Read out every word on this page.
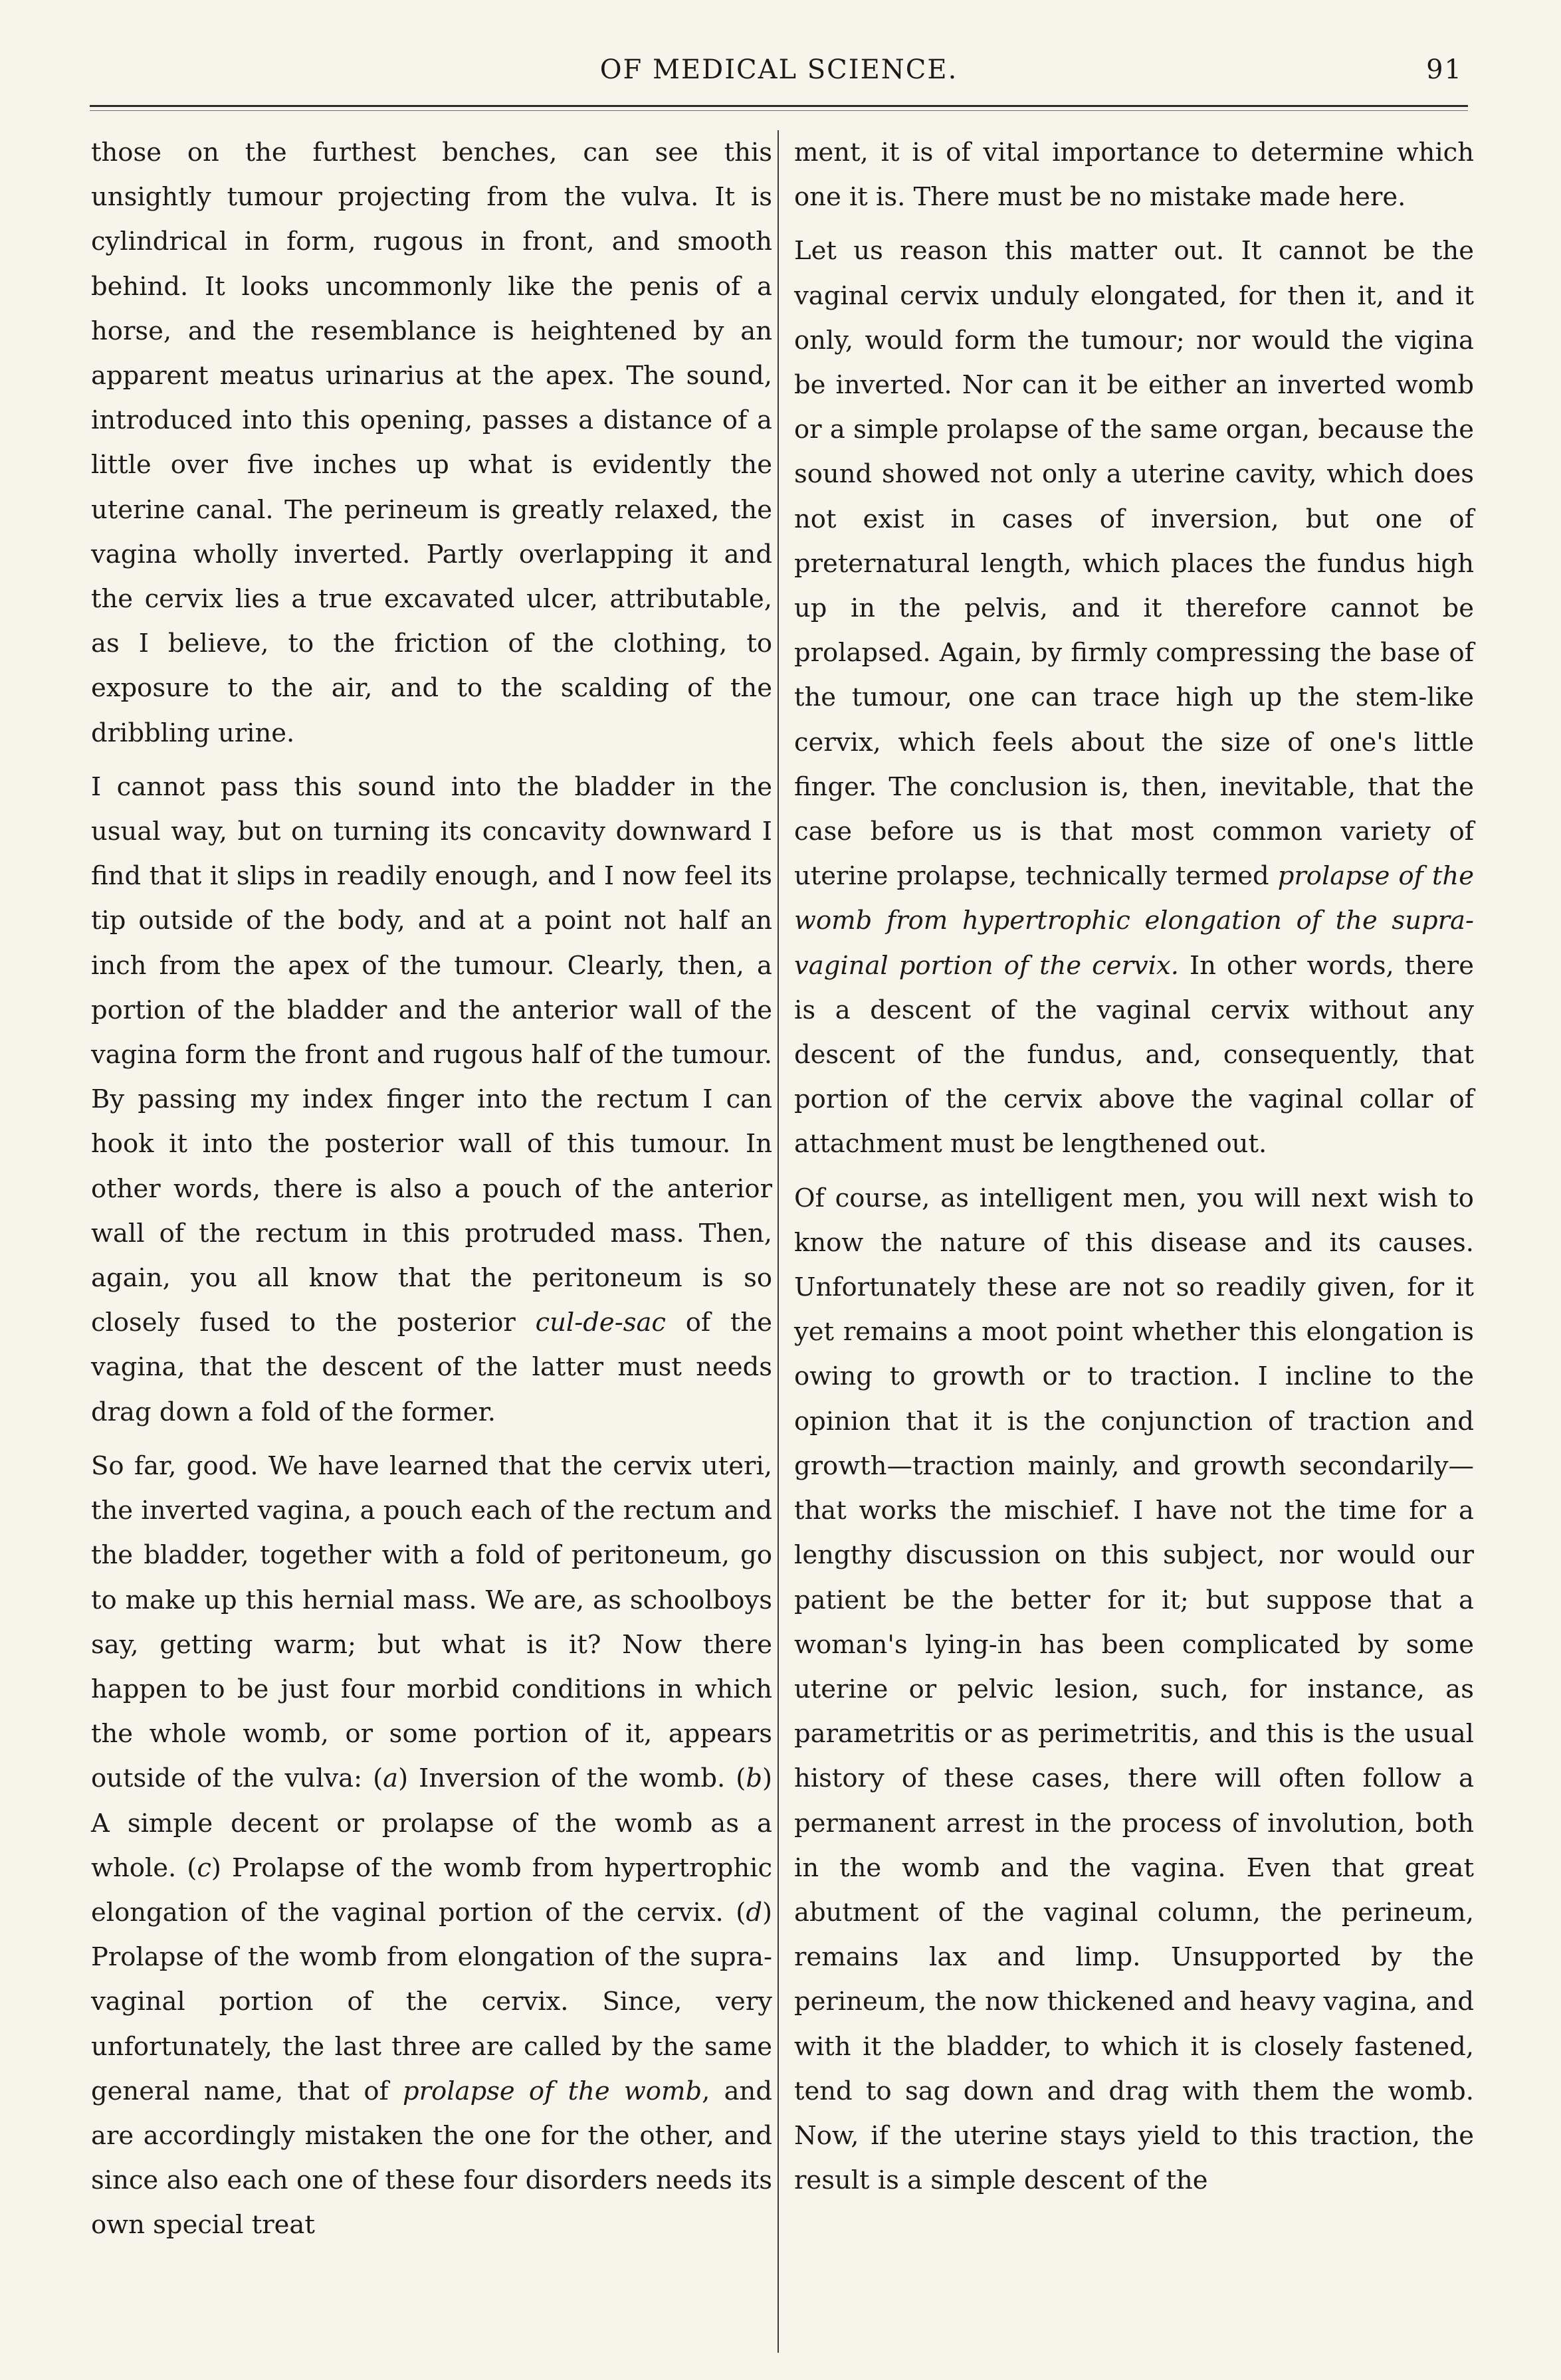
OF MEDICAL SCIENCE.	91

those on the furthest benches, can see this unsightly tumour projecting from the vulva. It is cylindrical in form, rugous in front, and smooth behind. It looks uncommonly like the penis of a horse, and the resemblance is heightened by an apparent meatus urinarius at the apex. The sound, introduced into this opening, passes a distance of a little over five inches up what is evidently the uterine canal. The perineum is greatly relaxed, the vagina wholly inverted. Partly overlapping it and the cervix lies a true excavated ulcer, attributable, as I believe, to the friction of the clothing, to exposure to the air, and to the scalding of the dribbling urine.

I cannot pass this sound into the bladder in the usual way, but on turning its concavity downward I find that it slips in readily enough, and I now feel its tip outside of the body, and at a point not half an inch from the apex of the tumour. Clearly, then, a portion of the bladder and the anterior wall of the vagina form the front and rugous half of the tumour. By passing my index finger into the rectum I can hook it into the posterior wall of this tumour. In other words, there is also a pouch of the anterior wall of the rectum in this protruded mass. Then, again, you all know that the peritoneum is so closely fused to the posterior cul-de-sac of the vagina, that the descent of the latter must needs drag down a fold of the former.

So far, good. We have learned that the cervix uteri, the inverted vagina, a pouch each of the rectum and the bladder, together with a fold of peritoneum, go to make up this hernial mass. We are, as schoolboys say, getting warm; but what is it? Now there happen to be just four morbid conditions in which the whole womb, or some portion of it, appears outside of the vulva: (a) Inversion of the womb. (b) A simple decent or prolapse of the womb as a whole. (c) Prolapse of the womb from hypertrophic elongation of the vaginal portion of the cervix. (d) Prolapse of the womb from elongation of the supra-vaginal portion of the cervix. Since, very unfortunately, the last three are called by the same general name, that of prolapse of the womb, and are accordingly mistaken the one for the other, and since also each one of these four disorders needs its own special treat

ment, it is of vital importance to determine which one it is. There must be no mistake made here.

Let us reason this matter out. It cannot be the vaginal cervix unduly elongated, for then it, and it only, would form the tumour; nor would the vigina be inverted. Nor can it be either an inverted womb or a simple prolapse of the same organ, because the sound showed not only a uterine cavity, which does not exist in cases of inversion, but one of preternatural length, which places the fundus high up in the pelvis, and it therefore cannot be prolapsed. Again, by firmly compressing the base of the tumour, one can trace high up the stem-like cervix, which feels about the size of one's little finger. The conclusion is, then, inevitable, that the case before us is that most common variety of uterine prolapse, technically termed prolapse of the womb from hypertrophic elongation of the supra-vaginal portion of the cervix. In other words, there is a descent of the vaginal cervix without any descent of the fundus, and, consequently, that portion of the cervix above the vaginal collar of attachment must be lengthened out.

Of course, as intelligent men, you will next wish to know the nature of this disease and its causes. Unfortunately these are not so readily given, for it yet remains a moot point whether this elongation is owing to growth or to traction. I incline to the opinion that it is the conjunction of traction and growth—traction mainly, and growth secondarily—that works the mischief. I have not the time for a lengthy discussion on this subject, nor would our patient be the better for it; but suppose that a woman's lying-in has been complicated by some uterine or pelvic lesion, such, for instance, as parametritis or as perimetritis, and this is the usual history of these cases, there will often follow a permanent arrest in the process of involution, both in the womb and the vagina. Even that great abutment of the vaginal column, the perineum, remains lax and limp. Unsupported by the perineum, the now thickened and heavy vagina, and with it the bladder, to which it is closely fastened, tend to sag down and drag with them the womb. Now, if the uterine stays yield to this traction, the result is a simple descent of the
